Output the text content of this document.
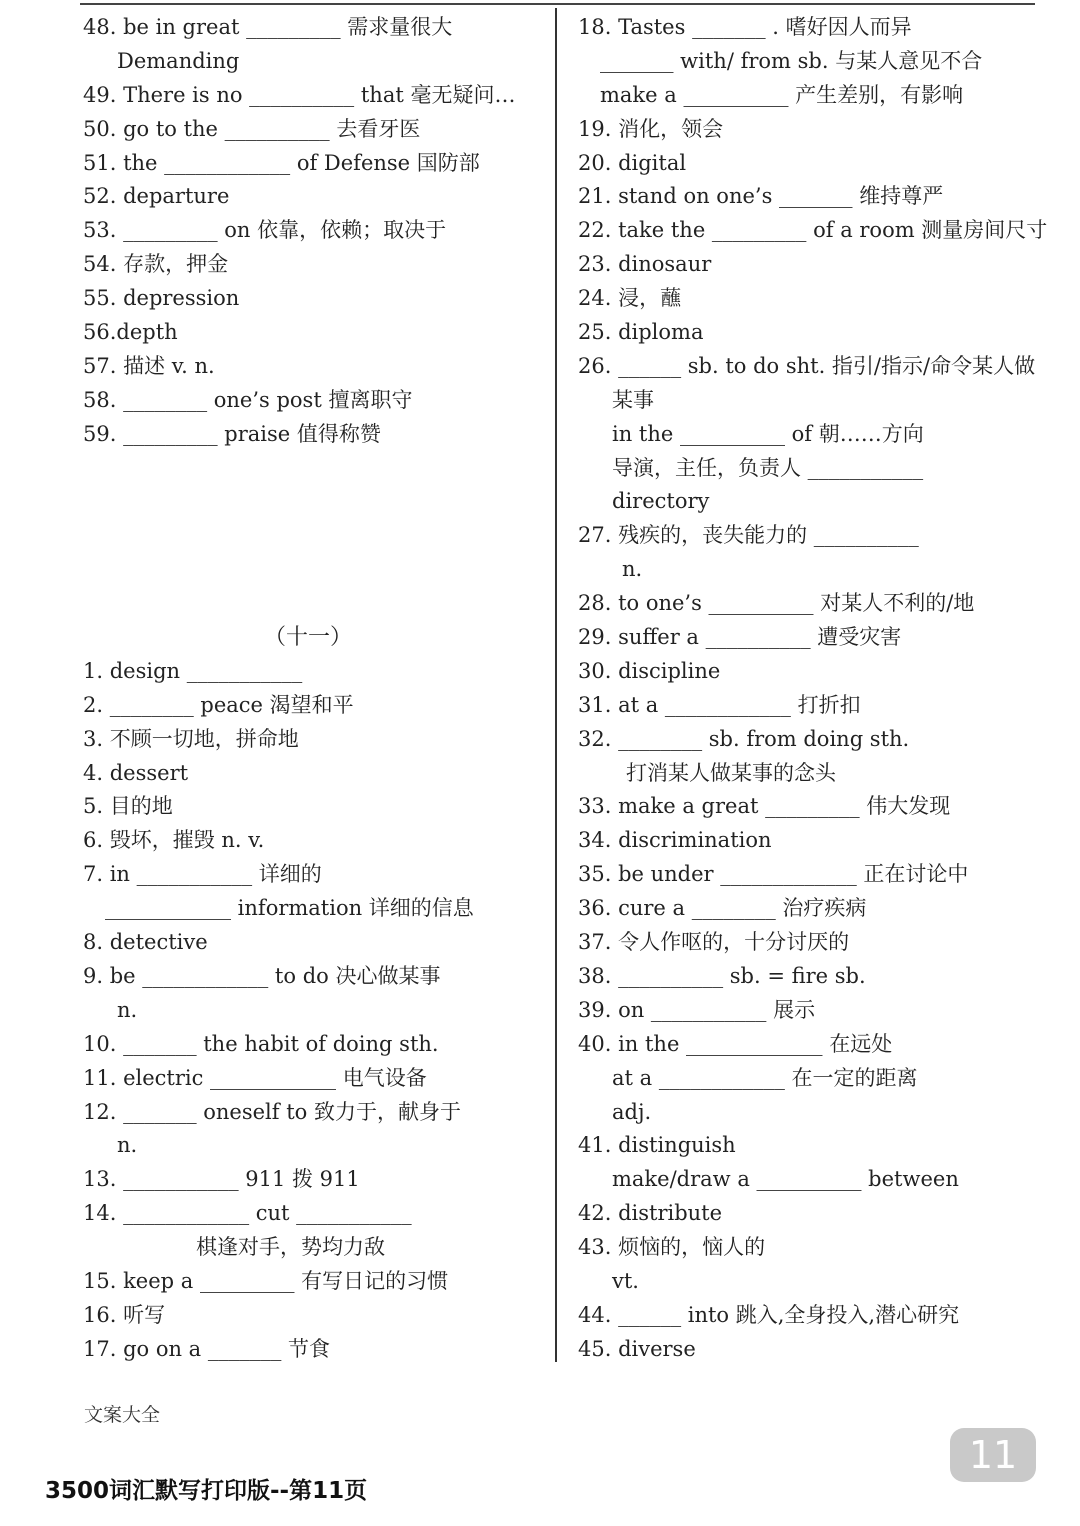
48. be in great _________ 需求量很大
Demanding
49. There is no __________ that 毫无疑问…
50. go to the __________ 去看牙医
51. the ____________ of Defense 国防部
52. departure
53. _________ on 依靠，依赖；取决于
54. 存款，押金
55. depression
56.depth
57. 描述 v. n.
58. ________ one’s post 擅离职守
59. _________ praise 值得称赞
（十一）
1. design ___________
2. ________ peace 渴望和平
3. 不顾一切地，拼命地
4. dessert
5. 目的地
6. 毁坏，摧毁 n. v.
7. in ___________ 详细的
____________ information 详细的信息
8. detective
9. be ____________ to do 决心做某事
n.
10. _______ the habit of doing sth.
11. electric ____________ 电气设备
12. _______ oneself to 致力于，献身于
n.
13. ___________ 911 拨 911
14. ____________ cut ___________
棋逢对手，势均力敌
15. keep a _________ 有写日记的习惯
16. 听写
17. go on a _______ 节食
18. Tastes _______ . 嗜好因人而异
_______ with/ from sb. 与某人意见不合
make a __________ 产生差别，有影响
19. 消化，领会
20. digital
21. stand on one’s _______ 维持尊严
22. take the _________ of a room 测量房间尺寸
23. dinosaur
24. 浸，蘸
25. diploma
26. ______ sb. to do sht. 指引/指示/命令某人做
某事
in the __________ of 朝……方向
导演，主任，负责人 ___________
directory
27. 残疾的，丧失能力的 __________
n.
28. to one’s __________ 对某人不利的/地
29. suffer a __________ 遭受灾害
30. discipline
31. at a ____________ 打折扣
32. ________ sb. from doing sth.
打消某人做某事的念头
33. make a great _________ 伟大发现
34. discrimination
35. be under _____________ 正在讨论中
36. cure a ________ 治疗疾病
37. 令人作呕的，十分讨厌的
38. __________ sb. = fire sb.
39. on ___________ 展示
40. in the _____________ 在远处
at a ____________ 在一定的距离
adj.
41. distinguish
make/draw a __________ between
42. distribute
43. 烦恼的，恼人的
vt.
44. ______ into 跳入,全身投入,潜心研究
45. diverse
文案大全
11
3500词汇默写打印版--第11页
